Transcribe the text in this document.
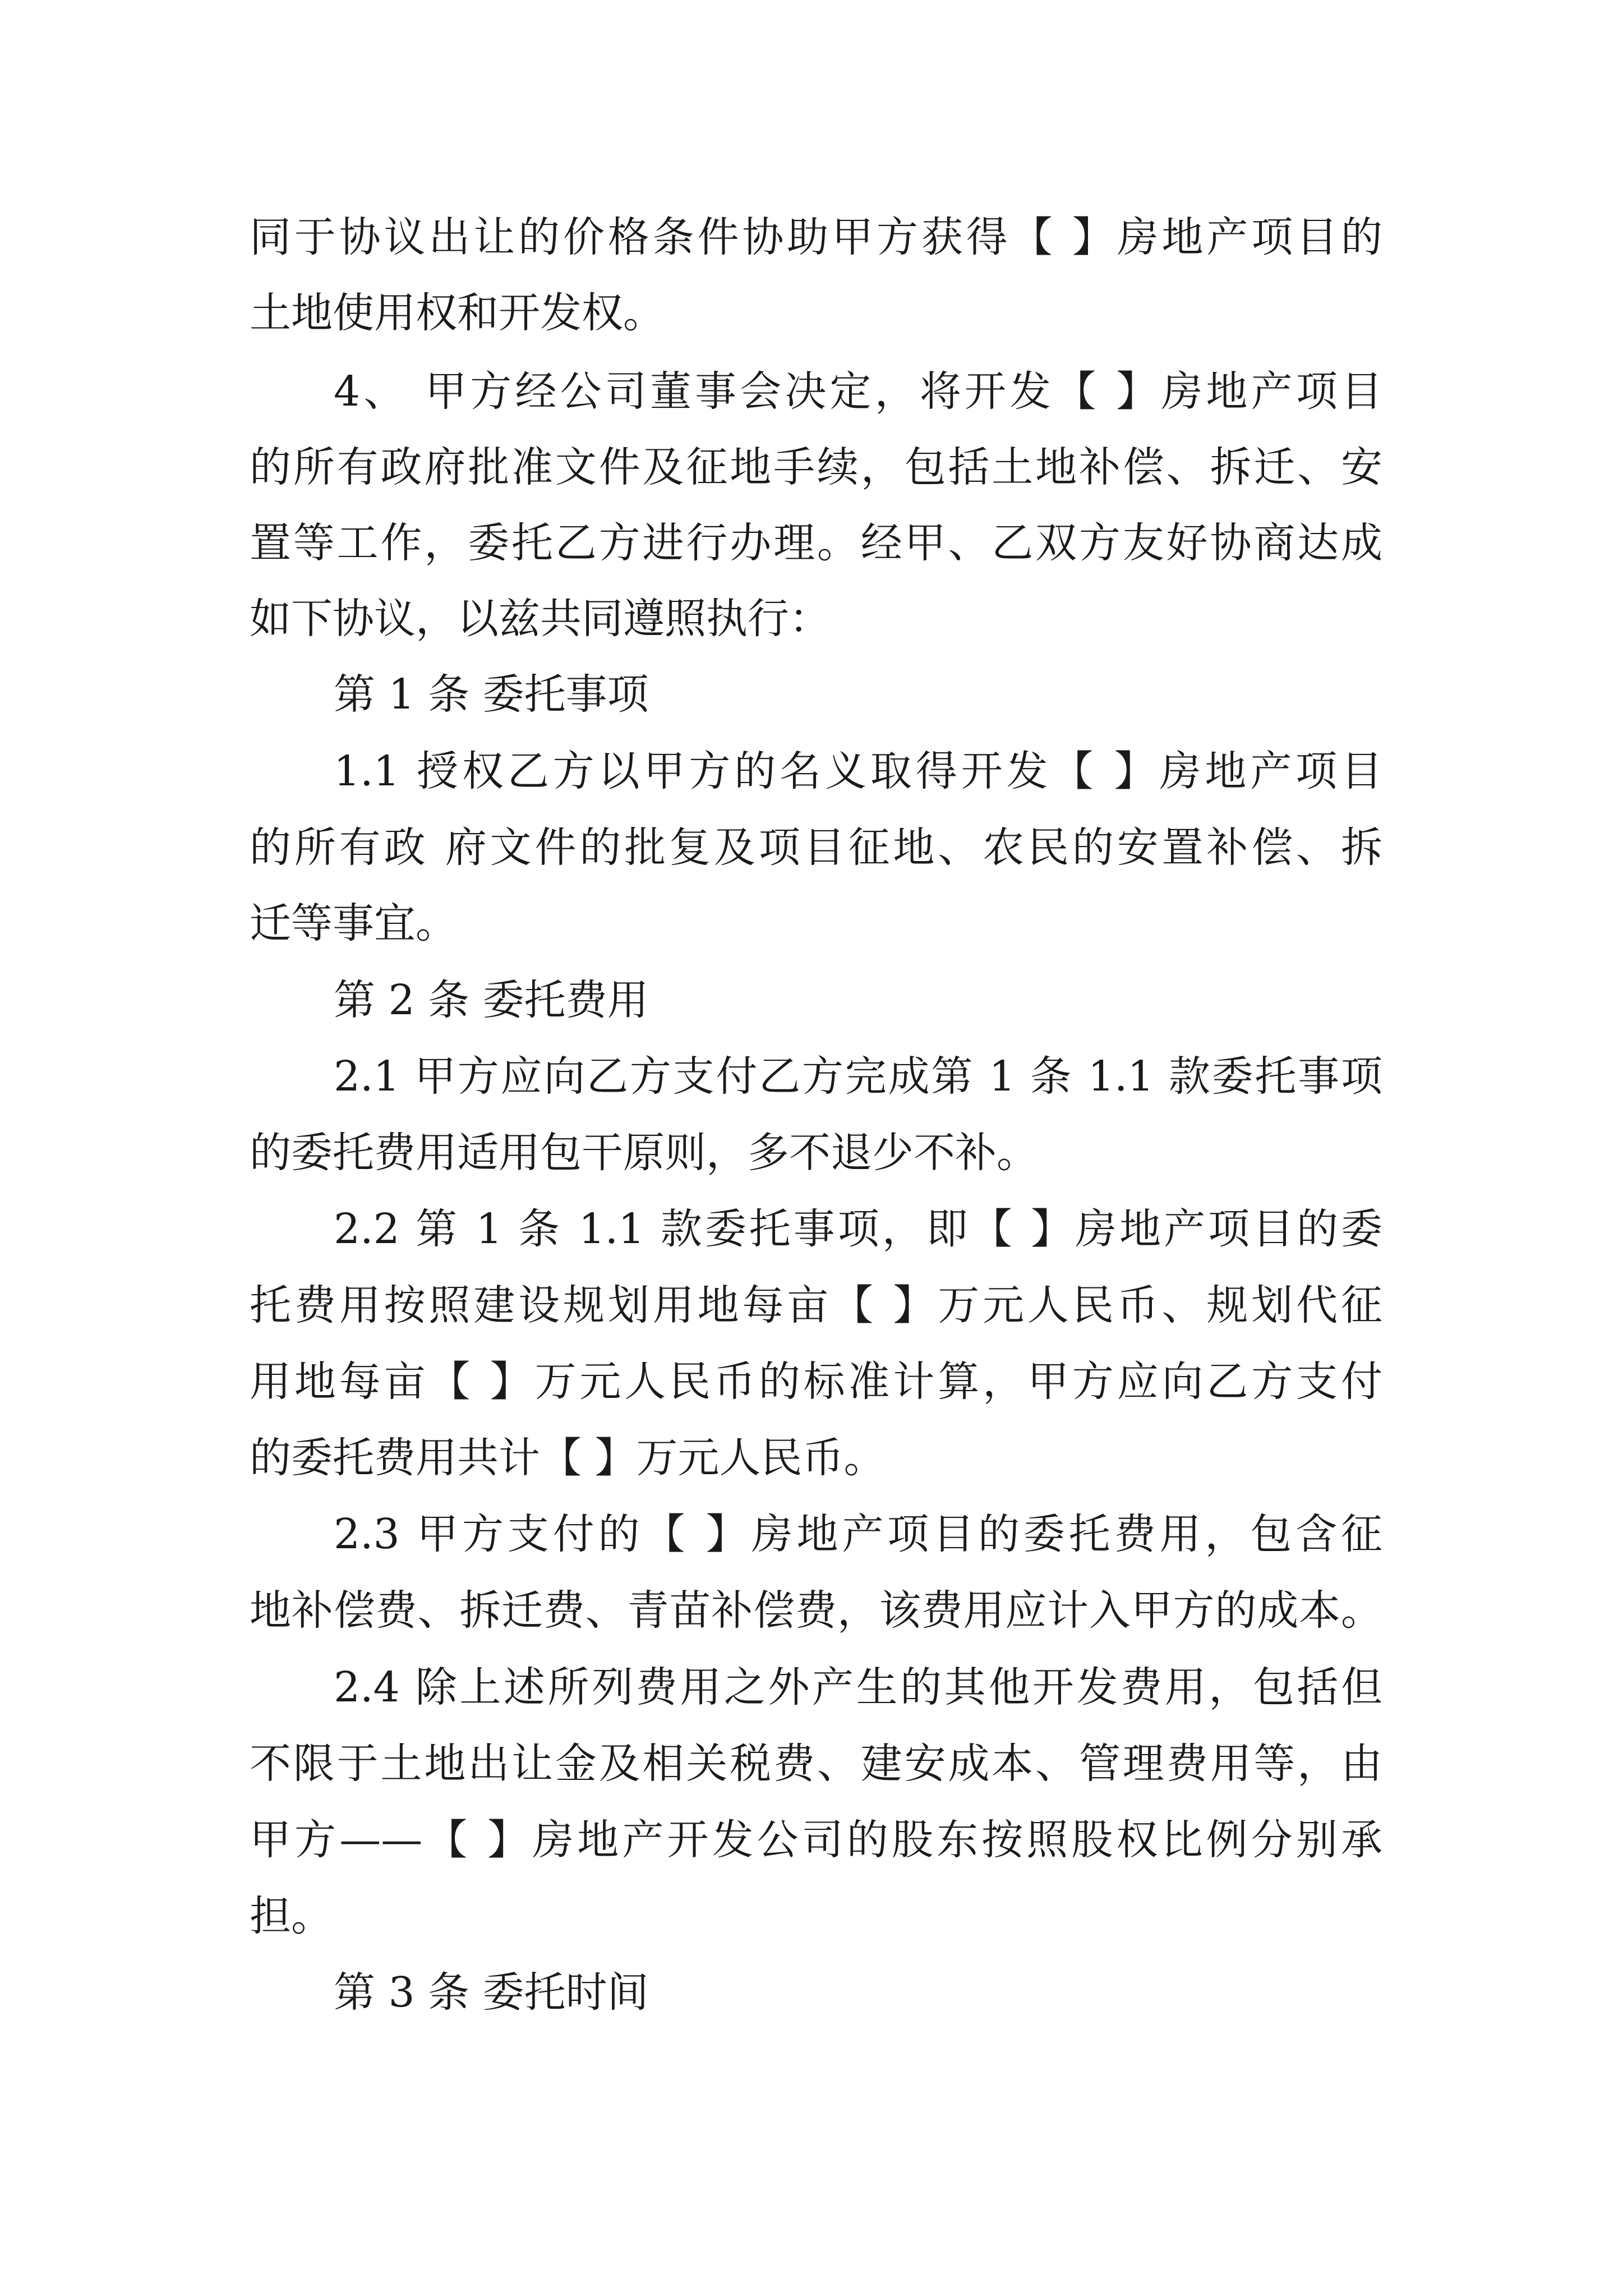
同于协议出让的价格条件协助甲方获得【 】房地产项目的
土地使用权和开发权。
4、 甲方经公司董事会决定，将开发【 】房地产项目
的所有政府批准文件及征地手续，包括土地补偿、拆迁、安
置等工作，委托乙方进行办理。经甲、乙双方友好协商达成
如下协议，以兹共同遵照执行：
第 1 条 委托事项
1.1 授权乙方以甲方的名义取得开发【 】房地产项目
的所有政 府文件的批复及项目征地、农民的安置补偿、拆
迁等事宜。
第 2 条 委托费用
2.1 甲方应向乙方支付乙方完成第 1 条 1.1 款委托事项
的委托费用适用包干原则，多不退少不补。
2.2 第 1 条 1.1 款委托事项，即【 】房地产项目的委
托费用按照建设规划用地每亩【 】万元人民币、规划代征
用地每亩【 】万元人民币的标准计算，甲方应向乙方支付
的委托费用共计【 】万元人民币。
2.3 甲方支付的【 】房地产项目的委托费用，包含征
地补偿费、拆迁费、青苗补偿费，该费用应计入甲方的成本。
2.4 除上述所列费用之外产生的其他开发费用，包括但
不限于土地出让金及相关税费、建安成本、管理费用等，由
甲方——【 】房地产开发公司的股东按照股权比例分别承
担。
第 3 条 委托时间
